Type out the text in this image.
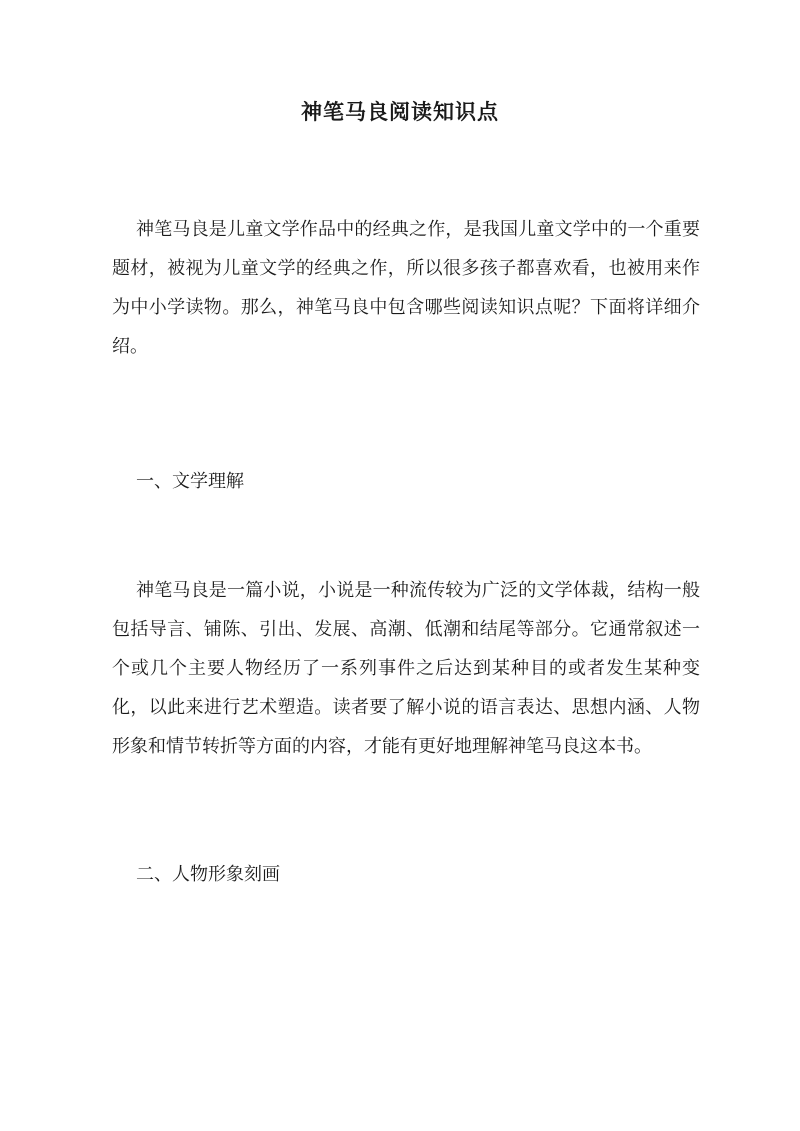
神笔马良阅读知识点

神笔马良是儿童文学作品中的经典之作，是我国儿童文学中的一个重要题材，被视为儿童文学的经典之作，所以很多孩子都喜欢看，也被用来作为中小学读物。那么，神笔马良中包含哪些阅读知识点呢？下面将详细介绍。

一、文学理解

神笔马良是一篇小说，小说是一种流传较为广泛的文学体裁，结构一般包括导言、铺陈、引出、发展、高潮、低潮和结尾等部分。它通常叙述一个或几个主要人物经历了一系列事件之后达到某种目的或者发生某种变化，以此来进行艺术塑造。读者要了解小说的语言表达、思想内涵、人物形象和情节转折等方面的内容，才能有更好地理解神笔马良这本书。

二、人物形象刻画
